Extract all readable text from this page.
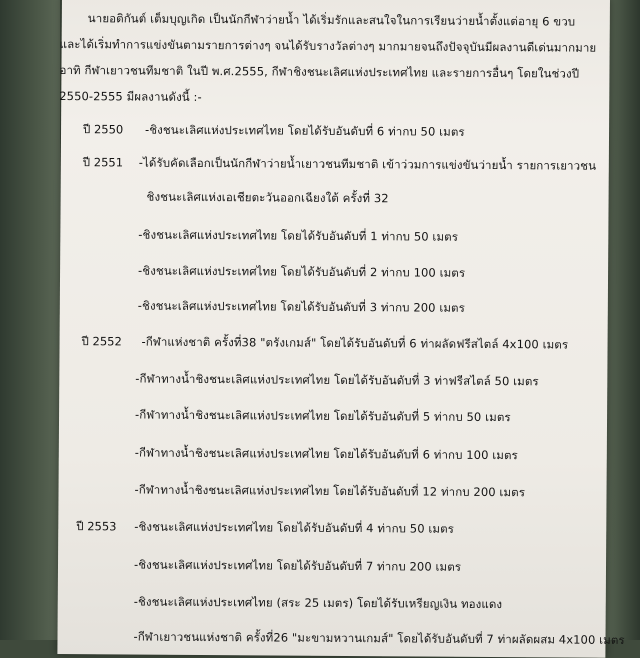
นายอติกันต์ เต็มบุญเกิด เป็นนักกีฬาว่ายน้ำ ได้เริ่มรักและสนใจในการเรียนว่ายน้ำตั้งแต่อายุ 6 ขวบ
และได้เริ่มทำการแข่งขันตามรายการต่างๆ จนได้รับรางวัลต่างๆ มากมายจนถึงปัจจุบันมีผลงานดีเด่นมากมาย
อาทิ กีฬาเยาวชนทีมชาติ ในปี พ.ศ.2555, กีฬาชิงชนะเลิศแห่งประเทศไทย และรายการอื่นๆ โดยในช่วงปี
2550-2555 มีผลงานดังนี้ :-
ปี 2550 -ชิงชนะเลิศแห่งประเทศไทย โดยได้รับอันดับที่ 6 ท่ากบ 50 เมตร
ปี 2551 -ได้รับคัดเลือกเป็นนักกีฬาว่ายน้ำเยาวชนทีมชาติ เข้าว่วมการแข่งขันว่ายน้ำ รายการเยาวชน
ชิงชนะเลิศแห่งเอเชียตะวันออกเฉียงใต้ ครั้งที่ 32
-ชิงชนะเลิศแห่งประเทศไทย โดยได้รับอันดับที่ 1 ท่ากบ 50 เมตร
-ชิงชนะเลิศแห่งประเทศไทย โดยได้รับอันดับที่ 2 ท่ากบ 100 เมตร
-ชิงชนะเลิศแห่งประเทศไทย โดยได้รับอันดับที่ 3 ท่ากบ 200 เมตร
ปี 2552 -กีฬาแห่งชาติ ครั้งที่38 "ตรังเกมส์" โดยได้รับอันดับที่ 6 ท่าผลัดฟรีสไตล์ 4x100 เมตร
-กีฬาทางน้ำชิงชนะเลิศแห่งประเทศไทย โดยได้รับอันดับที่ 3 ท่าฟรีสไตล์ 50 เมตร
-กีฬาทางน้ำชิงชนะเลิศแห่งประเทศไทย โดยได้รับอันดับที่ 5 ท่ากบ 50 เมตร
-กีฬาทางน้ำชิงชนะเลิศแห่งประเทศไทย โดยได้รับอันดับที่ 6 ท่ากบ 100 เมตร
-กีฬาทางน้ำชิงชนะเลิศแห่งประเทศไทย โดยได้รับอันดับที่ 12 ท่ากบ 200 เมตร
ปี 2553 -ชิงชนะเลิศแห่งประเทศไทย โดยได้รับอันดับที่ 4 ท่ากบ 50 เมตร
-ชิงชนะเลิศแห่งประเทศไทย โดยได้รับอันดับที่ 7 ท่ากบ 200 เมตร
-ชิงชนะเลิศแห่งประเทศไทย (สระ 25 เมตร) โดยได้รับเหรียญเงิน ทองแดง
-กีฬาเยาวชนแห่งชาติ ครั้งที่26 "มะขามหวานเกมส์" โดยได้รับอันดับที่ 7 ท่าผลัดผสม 4x100 เมตร
